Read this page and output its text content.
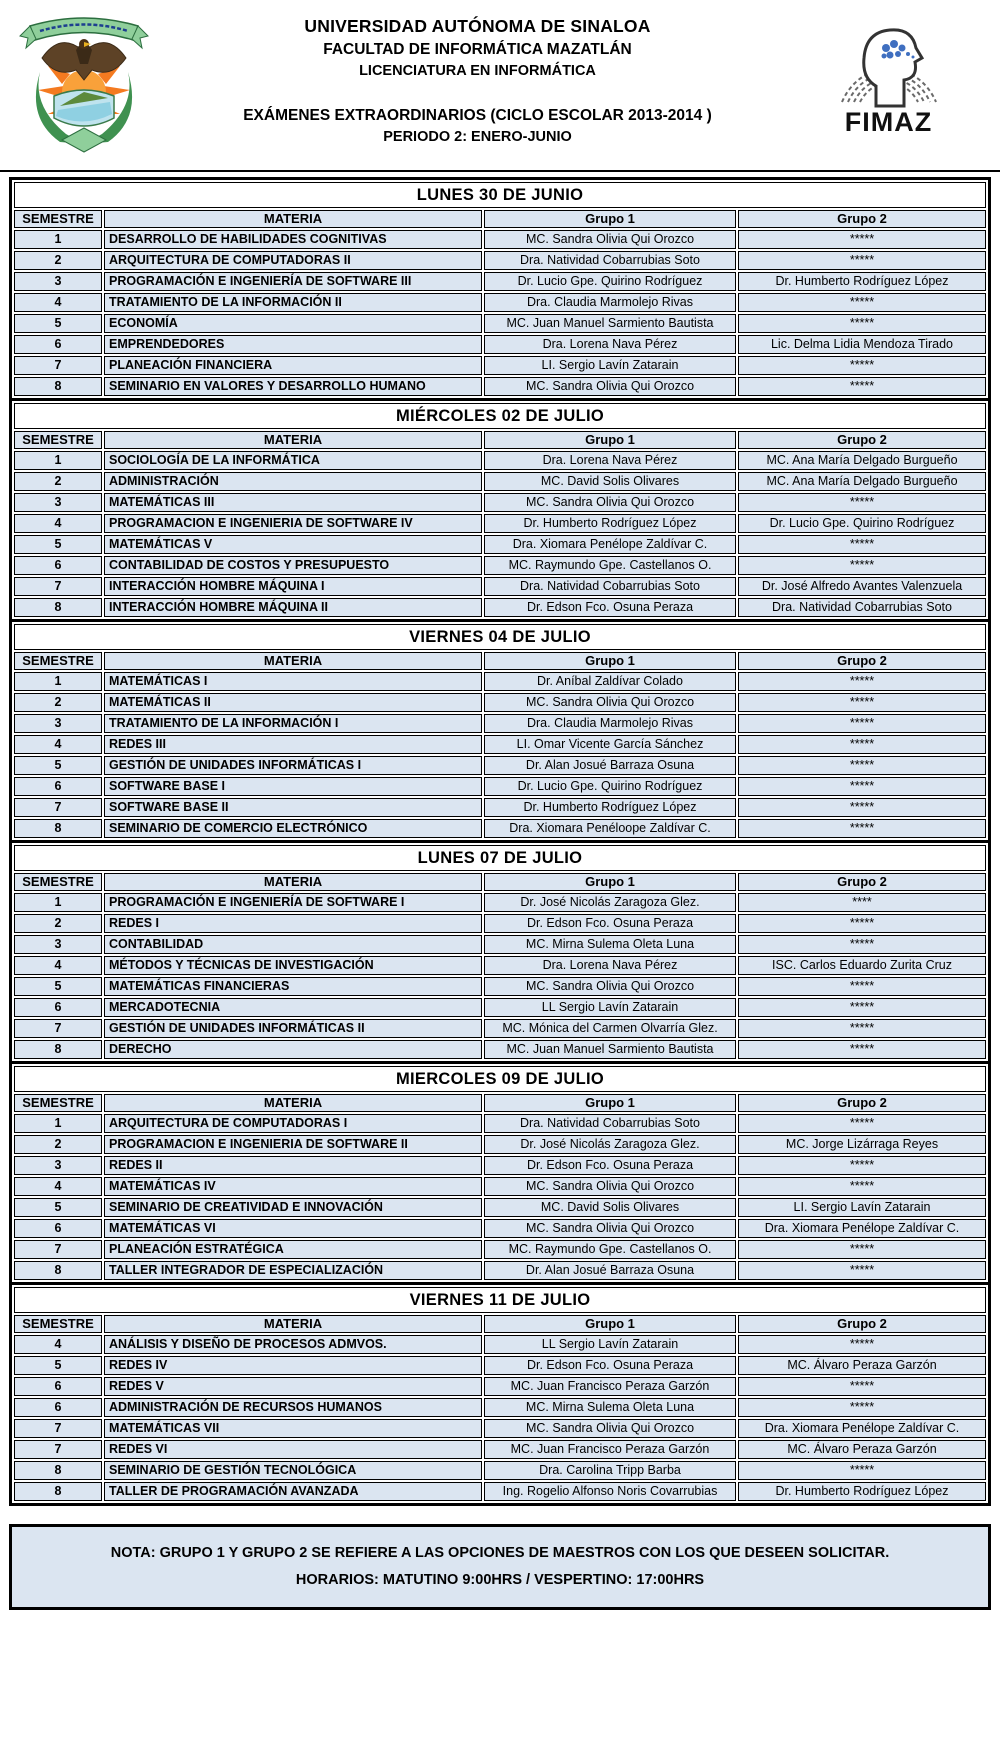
UNIVERSIDAD AUTÓNOMA DE SINALOA
FACULTAD DE INFORMÁTICA MAZATLÁN
LICENCIATURA EN INFORMÁTICA
EXÁMENES EXTRAORDINARIOS (CICLO ESCOLAR 2013-2014 )
PERIODO 2: ENERO-JUNIO	FIMAZ
LUNES 30 DE JUNIO			
SEMESTRE	MATERIA	Grupo 1	Grupo 2
1	DESARROLLO DE HABILIDADES COGNITIVAS	MC. Sandra Olivia Qui Orozco	*****
2	ARQUITECTURA DE COMPUTADORAS II	Dra. Natividad Cobarrubias Soto	*****
3	PROGRAMACIÓN E INGENIERÍA DE SOFTWARE III	Dr. Lucio Gpe. Quirino Rodríguez	Dr. Humberto Rodríguez López
4	TRATAMIENTO DE LA INFORMACIÓN II	Dra. Claudia Marmolejo Rivas	*****
5	ECONOMÍA	MC. Juan Manuel Sarmiento Bautista	*****
6	EMPRENDEDORES	Dra. Lorena Nava Pérez	Lic. Delma Lidia Mendoza Tirado
7	PLANEACIÓN FINANCIERA	LI. Sergio Lavín Zatarain	*****
8	SEMINARIO EN VALORES Y DESARROLLO HUMANO	MC. Sandra Olivia Qui Orozco	*****
MIÉRCOLES 02 DE JULIO			
SEMESTRE	MATERIA	Grupo 1	Grupo 2
1	SOCIOLOGÍA DE LA INFORMÁTICA	Dra. Lorena Nava Pérez	MC. Ana María Delgado Burgueño
2	ADMINISTRACIÓN	MC. David Solis Olivares	MC. Ana María Delgado Burgueño
3	MATEMÁTICAS III	MC. Sandra Olivia Qui Orozco	*****
4	PROGRAMACION E INGENIERIA DE SOFTWARE IV	Dr. Humberto Rodríguez López	Dr. Lucio Gpe. Quirino Rodríguez
5	MATEMÁTICAS V	Dra. Xiomara Penélope Zaldívar C.	*****
6	CONTABILIDAD DE COSTOS Y PRESUPUESTO	MC. Raymundo Gpe. Castellanos O.	*****
7	INTERACCIÓN HOMBRE MÁQUINA I	Dra. Natividad Cobarrubias Soto	Dr. José Alfredo Avantes Valenzuela
8	INTERACCIÓN HOMBRE MÁQUINA II	Dr. Edson Fco. Osuna Peraza	Dra. Natividad Cobarrubias Soto
VIERNES 04 DE JULIO			
SEMESTRE	MATERIA	Grupo 1	Grupo 2
1	MATEMÁTICAS I	Dr. Aníbal Zaldívar Colado	*****
2	MATEMÁTICAS II	MC. Sandra Olivia Qui Orozco	*****
3	TRATAMIENTO DE LA INFORMACIÓN I	Dra. Claudia Marmolejo Rivas	*****
4	REDES III	LI. Omar Vicente García Sánchez	*****
5	GESTIÓN DE UNIDADES INFORMÁTICAS I	Dr. Alan Josué Barraza Osuna	*****
6	SOFTWARE BASE I	Dr. Lucio Gpe. Quirino Rodríguez	*****
7	SOFTWARE BASE II	Dr. Humberto Rodríguez López	*****
8	SEMINARIO DE COMERCIO ELECTRÓNICO	Dra. Xiomara Penéloope Zaldívar C.	*****
LUNES 07 DE JULIO			
SEMESTRE	MATERIA	Grupo 1	Grupo 2
1	PROGRAMACIÓN E INGENIERÍA DE SOFTWARE I	Dr. José Nicolás Zaragoza Glez.	****
2	REDES I	Dr. Edson Fco. Osuna Peraza	*****
3	CONTABILIDAD	MC. Mirna Sulema Oleta Luna	*****
4	MÉTODOS Y TÉCNICAS DE INVESTIGACIÓN	Dra. Lorena Nava Pérez	ISC. Carlos Eduardo Zurita Cruz
5	MATEMÁTICAS FINANCIERAS	MC. Sandra Olivia Qui Orozco	*****
6	MERCADOTECNIA	LL Sergio Lavín Zatarain	*****
7	GESTIÓN DE UNIDADES INFORMÁTICAS II	MC. Mónica del Carmen Olvarría Glez.	*****
8	DERECHO	MC. Juan Manuel Sarmiento Bautista	*****
MIERCOLES 09 DE JULIO			
SEMESTRE	MATERIA	Grupo 1	Grupo 2
1	ARQUITECTURA DE COMPUTADORAS I	Dra. Natividad Cobarrubias Soto	*****
2	PROGRAMACION E INGENIERIA DE SOFTWARE II	Dr. José Nicolás Zaragoza Glez.	MC. Jorge Lizárraga Reyes
3	REDES II	Dr. Edson Fco. Osuna Peraza	*****
4	MATEMÁTICAS IV	MC. Sandra Olivia Qui Orozco	*****
5	SEMINARIO DE CREATIVIDAD E INNOVACIÓN	MC. David Solis Olivares	LI. Sergio Lavín Zatarain
6	MATEMÁTICAS VI	MC. Sandra Olivia Qui Orozco	Dra. Xiomara Penélope Zaldívar C.
7	PLANEACIÓN ESTRATÉGICA	MC. Raymundo Gpe. Castellanos O.	*****
8	TALLER INTEGRADOR DE ESPECIALIZACIÓN	Dr. Alan Josué Barraza Osuna	*****
VIERNES 11 DE JULIO			
SEMESTRE	MATERIA	Grupo 1	Grupo 2
4	ANÁLISIS Y DISEÑO DE PROCESOS ADMVOS.	LL Sergio Lavín Zatarain	*****
5	REDES IV	Dr. Edson Fco. Osuna Peraza	MC. Álvaro Peraza Garzón
6	REDES V	MC. Juan Francisco Peraza Garzón	*****
6	ADMINISTRACIÓN DE RECURSOS HUMANOS	MC. Mirna Sulema Oleta Luna	*****
7	MATEMÁTICAS VII	MC. Sandra Olivia Qui Orozco	Dra. Xiomara Penélope Zaldívar C.
7	REDES VI	MC. Juan Francisco Peraza Garzón	MC. Álvaro Peraza Garzón
8	SEMINARIO DE GESTIÓN TECNOLÓGICA	Dra. Carolina Tripp Barba	*****
8	TALLER DE PROGRAMACIÓN AVANZADA	Ing. Rogelio Alfonso Noris Covarrubias	Dr. Humberto Rodríguez López
NOTA: GRUPO 1 Y GRUPO 2 SE REFIERE A LAS OPCIONES DE MAESTROS CON LOS QUE DESEEN SOLICITAR.
HORARIOS: MATUTINO 9:00HRS / VESPERTINO: 17:00HRS
